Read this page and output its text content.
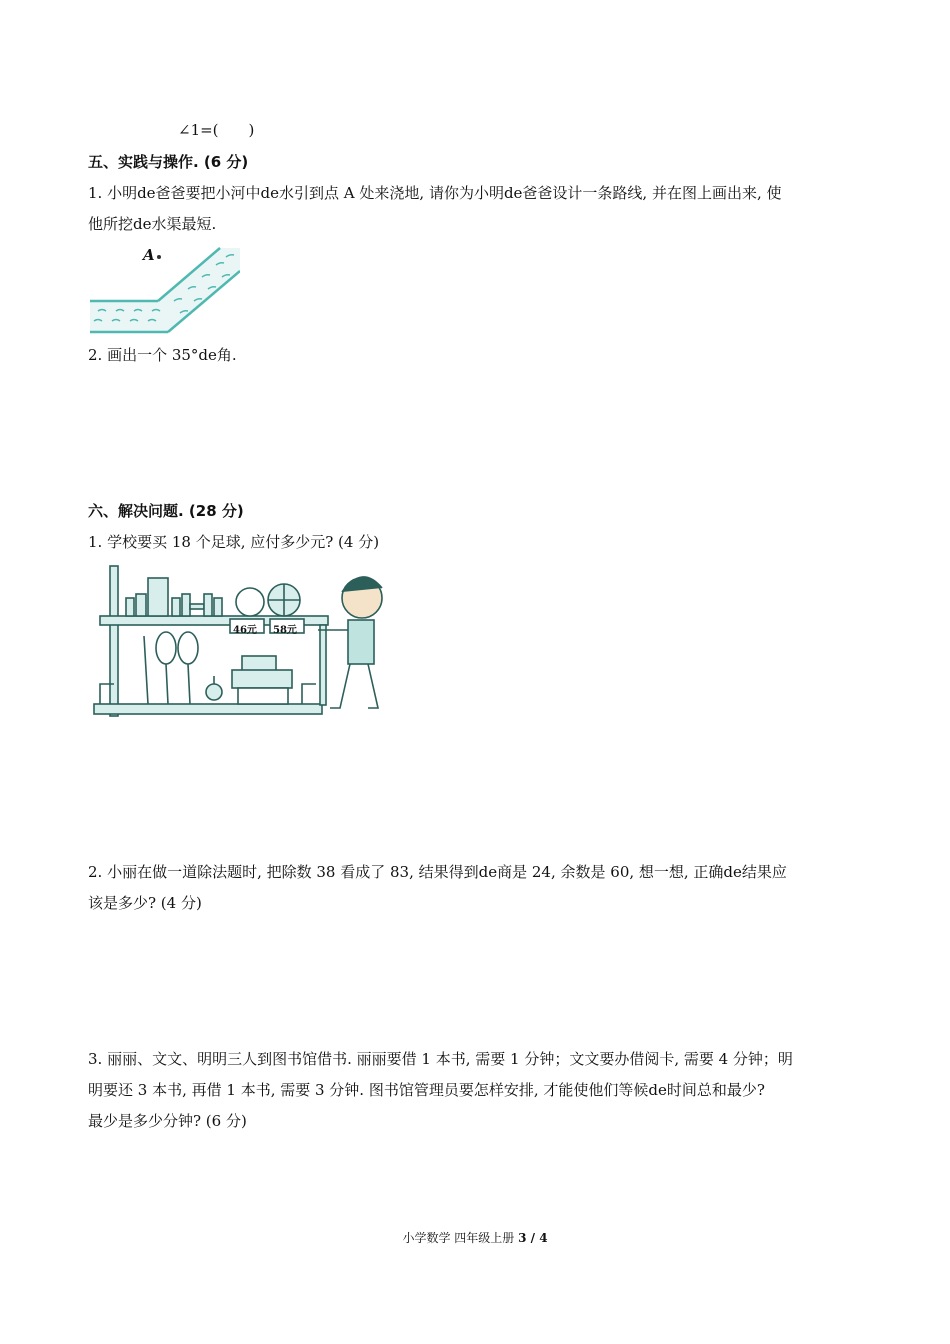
∠1=(　　)
五、实践与操作. (6 分)
1. 小明de爸爸要把小河中de水引到点 A 处来浇地, 请你为小明de爸爸设计一条路线, 并在图上画出来, 使
他所挖de水渠最短.
A
2. 画出一个 35°de角.
六、解决问题. (28 分)
1. 学校要买 18 个足球, 应付多少元? (4 分)
46元 58元
2. 小丽在做一道除法题时, 把除数 38 看成了 83, 结果得到de商是 24, 余数是 60, 想一想, 正确de结果应
该是多少? (4 分)
3. 丽丽、文文、明明三人到图书馆借书. 丽丽要借 1 本书, 需要 1 分钟；文文要办借阅卡, 需要 4 分钟；明
明要还 3 本书, 再借 1 本书, 需要 3 分钟. 图书馆管理员要怎样安排, 才能使他们等候de时间总和最少?
最少是多少分钟? (6 分)
小学数学 四年级上册 3 / 4
